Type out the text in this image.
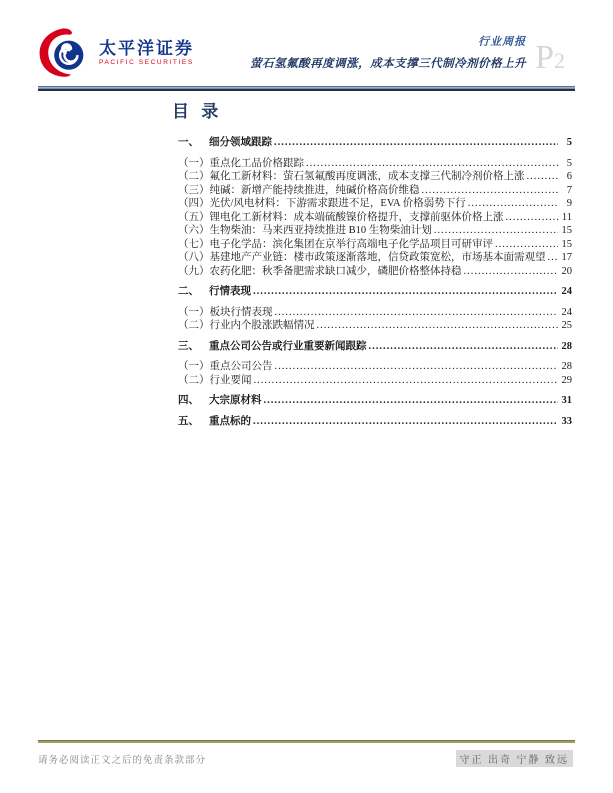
太平洋证券
PACIFIC SECURITIES
行业周报
萤石氢氟酸再度调涨，成本支撑三代制冷剂价格上升 P2
目 录
一、 细分领域跟踪 .....	5
（一） 重点化工品价格跟踪 .....	5
（二） 氟化工新材料：萤石氢氟酸再度调涨，成本支撑三代制冷剂价格上涨 .....	6
（三） 纯碱：新增产能持续推进，纯碱价格高价维稳 .....	7
（四） 光伏/风电材料：下游需求跟进不足，EVA 价格弱势下行 .....	9
（五） 锂电化工新材料：成本端硫酸镍价格提升，支撑前驱体价格上涨 .....	11
（六） 生物柴油：马来西亚持续推进 B10 生物柴油计划 .....	15
（七） 电子化学品：滨化集团在京举行高端电子化学品项目可研审评 .....	15
（八） 基建地产产业链：楼市政策逐渐落地，信贷政策宽松，市场基本面需观望 ..... 17
（九） 农药化肥：秋季备肥需求缺口减少，磷肥价格整体持稳 .....	20
二、 行情表现 .....	24
（一） 板块行情表现 .....	24
（二） 行业内个股涨跌幅情况 .....	25
三、 重点公司公告或行业重要新闻跟踪 .....	28
（一） 重点公司公告 .....	28
（二） 行业要闻 .....	29
四、 大宗原材料 .....	31
五、 重点标的 .....	33
请务必阅读正文之后的免责条款部分	守正 出奇 宁静 致远
